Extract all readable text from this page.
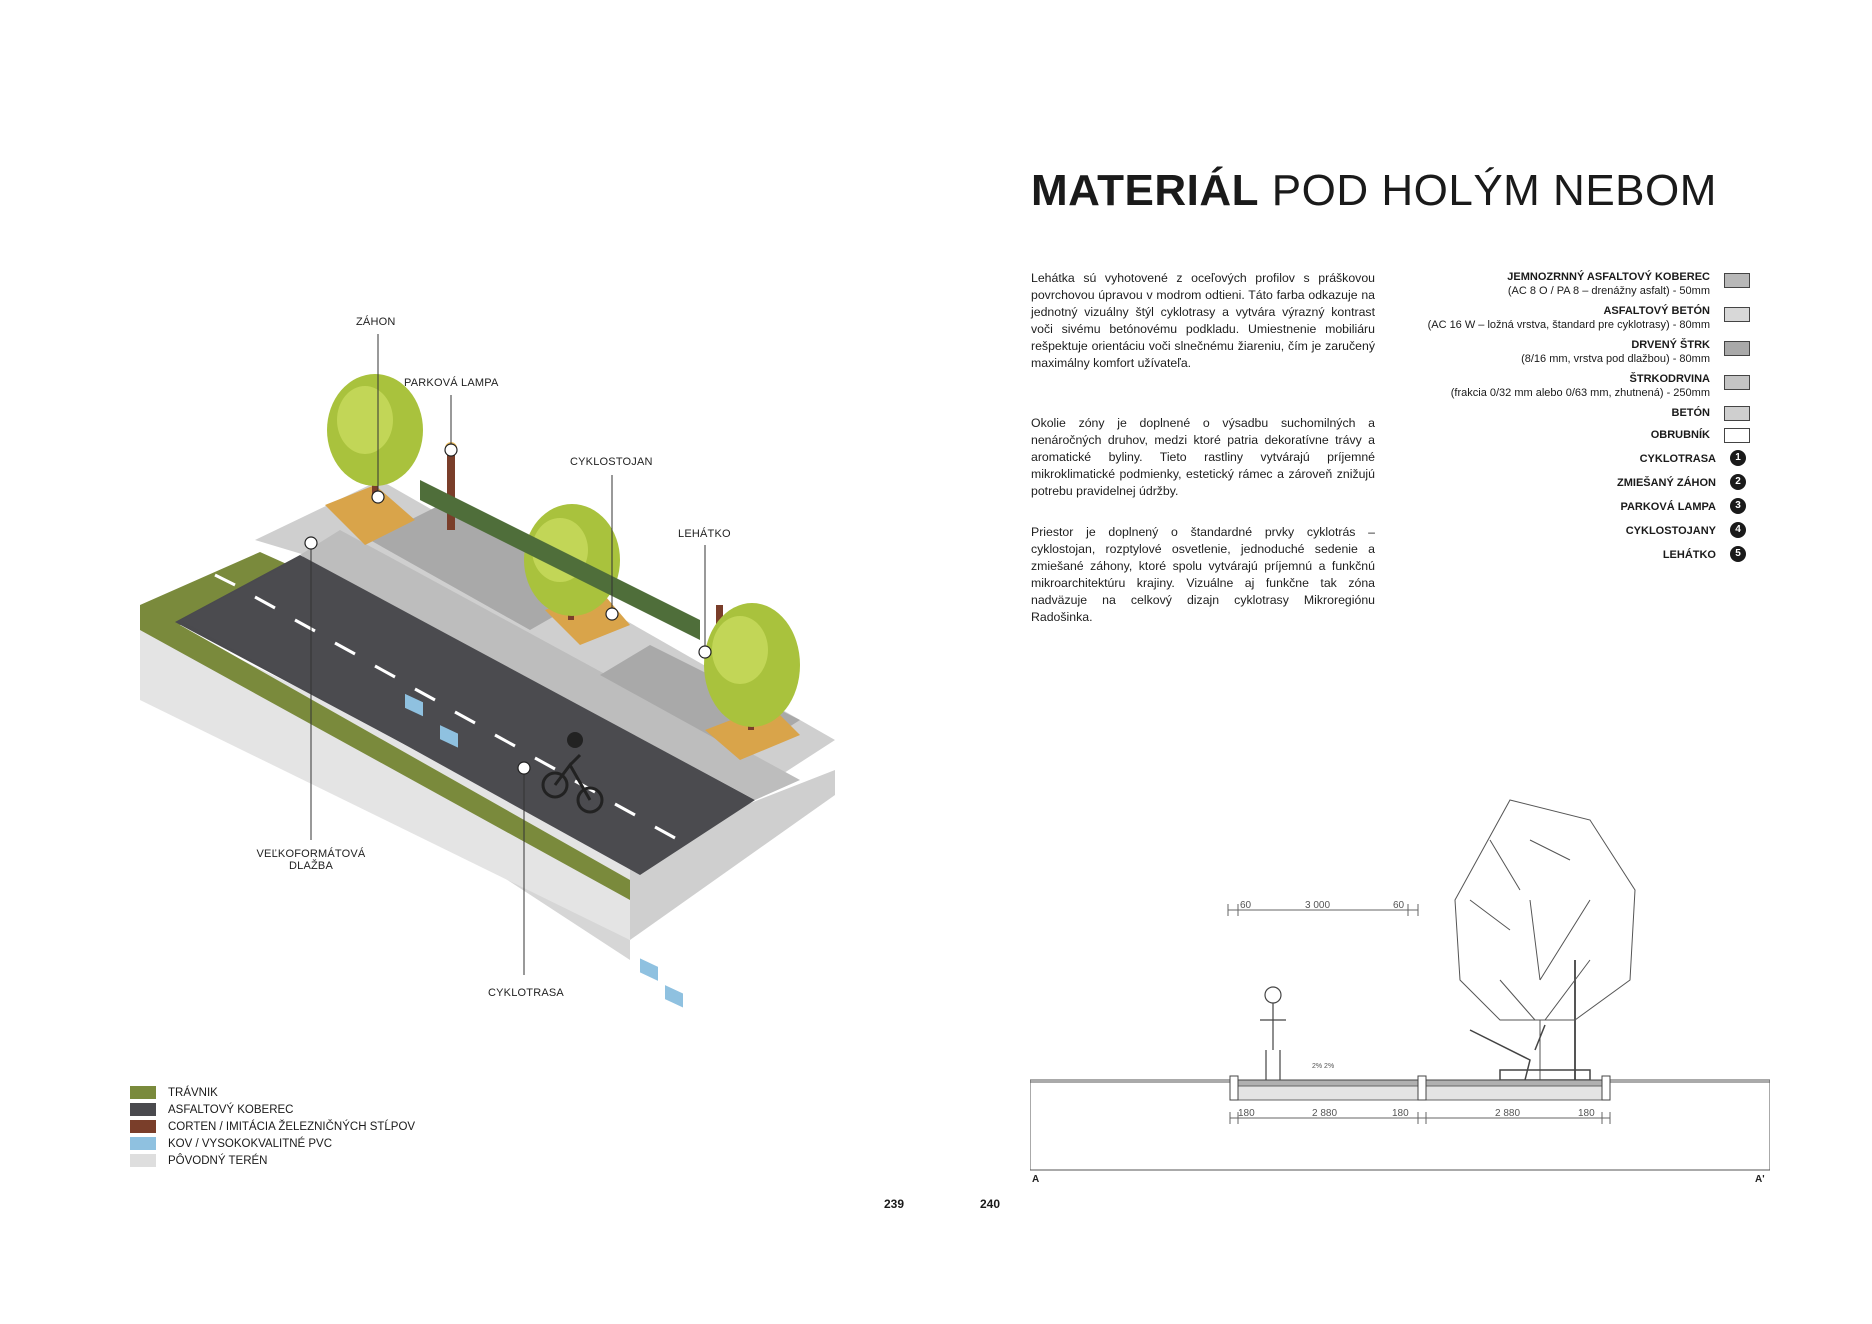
ZÁHON
PARKOVÁ LAMPA
CYKLOSTOJAN
LEHÁTKO
VEĽKOFORMÁTOVÁ
DLAŽBA
CYKLOTRASA
TRÁVNIK
ASFALTOVÝ KOBEREC
CORTEN / IMITÁCIA ŽELEZNIČNÝCH STĹPOV
KOV / VYSOKOKVALITNÉ PVC
PÔVODNÝ TERÉN
239	240
MATERIÁL POD HOLÝM NEBOM
Lehátka sú vyhotovené z oceľových profilov s práškovou povrchovou úpravou v modrom odtieni. Táto farba odkazuje na jednotný vizuálny štýl cyklotrasy a vytvára výrazný kontrast voči sivému betónovému podkladu. Umiestnenie mobiliáru rešpektuje orientáciu voči slnečnému žiareniu, čím je zaručený maximálny komfort užívateľa.
Okolie zóny je doplnené o výsadbu suchomilných a nenáročných druhov, medzi ktoré patria dekoratívne trávy a aromatické byliny. Tieto rastliny vytvárajú príjemné mikroklimatické podmienky, estetický rámec a zároveň znižujú potrebu pravidelnej údržby.
Priestor je doplnený o štandardné prvky cyklotrás – cyklostojan, rozptylové osvetlenie, jednoduché sedenie a zmiešané záhony, ktoré spolu vytvárajú príjemnú a funkčnú mikroarchitektúru krajiny. Vizuálne aj funkčne tak zóna nadväzuje na celkový dizajn cyklotrasy Mikroregiónu Radošinka.
JEMNOZRNNÝ ASFALTOVÝ KOBEREC
(AC 8 O / PA 8 – drenážny asfalt) - 50mm
ASFALTOVÝ BETÓN
(AC 16 W – ložná vrstva, štandard pre cyklotrasy) - 80mm
DRVENÝ ŠTRK
(8/16 mm, vrstva pod dlažbou) - 80mm
ŠTRKODRVINA
(frakcia 0/32 mm alebo 0/63 mm, zhutnená) - 250mm
BETÓN
OBRUBNÍK
CYKLOTRASA	1
ZMIEŠANÝ ZÁHON	2
PARKOVÁ LAMPA	3
CYKLOSTOJANY	4
LEHÁTKO	5
60	3 000	60
2% 2%
180	2 880	180	2 880	180
A	A'
